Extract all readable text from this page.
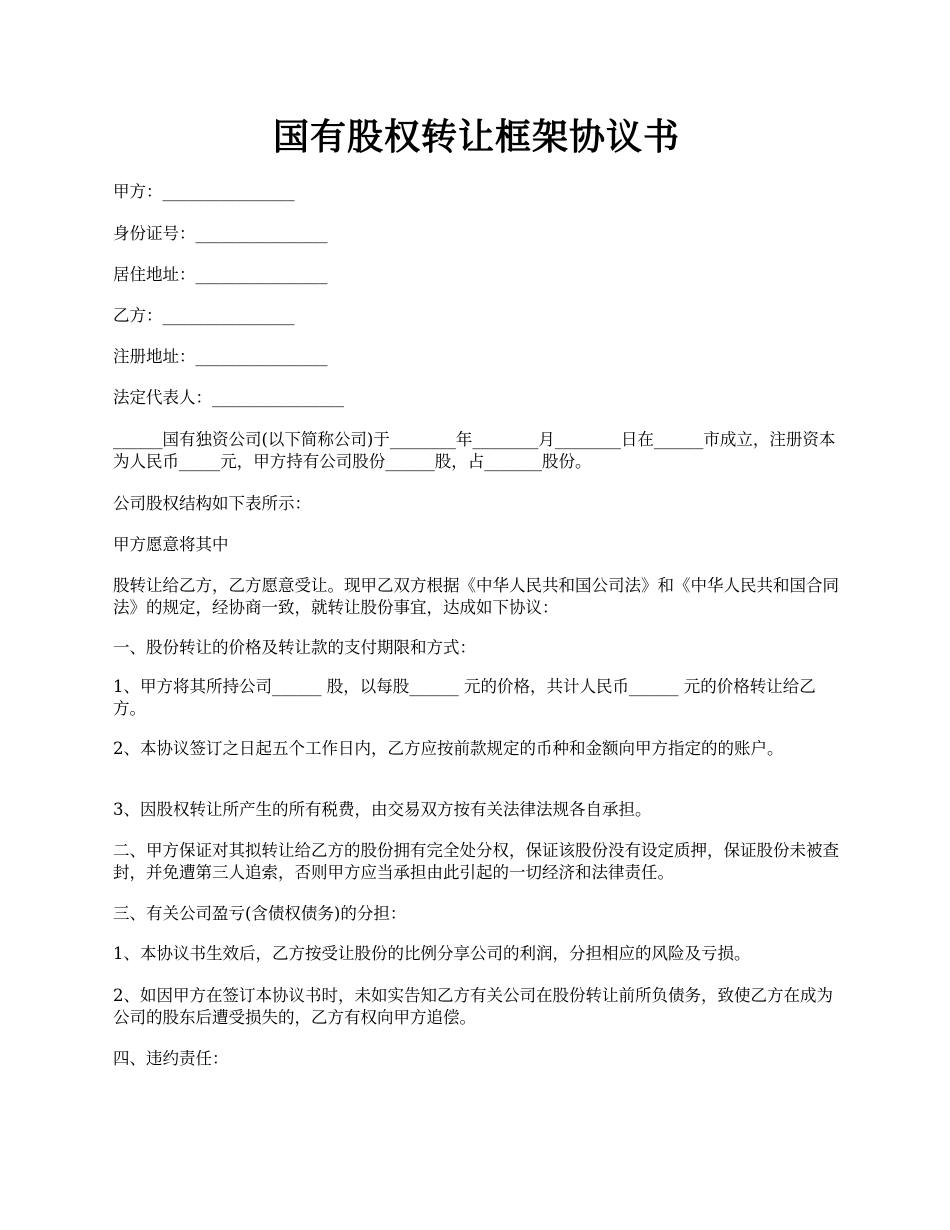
国有股权转让框架协议书

甲方：________________

身份证号：________________

居住地址：________________

乙方：________________

注册地址：________________

法定代表人：________________

______国有独资公司(以下简称公司)于________年________月________日在______市成立，注册资本为人民币_____元，甲方持有公司股份______股，占_______股份。

公司股权结构如下表所示：

甲方愿意将其中

股转让给乙方，乙方愿意受让。现甲乙双方根据《中华人民共和国公司法》和《中华人民共和国合同法》的规定，经协商一致，就转让股份事宜，达成如下协议：

一、股份转让的价格及转让款的支付期限和方式：

1、甲方将其所持公司______ 股，以每股______ 元的价格，共计人民币______ 元的价格转让给乙方。

2、本协议签订之日起五个工作日内，乙方应按前款规定的币种和金额向甲方指定的的账户。

3、因股权转让所产生的所有税费，由交易双方按有关法律法规各自承担。

二、甲方保证对其拟转让给乙方的股份拥有完全处分权，保证该股份没有设定质押，保证股份未被查封，并免遭第三人追索，否则甲方应当承担由此引起的一切经济和法律责任。

三、有关公司盈亏(含债权债务)的分担：

1、本协议书生效后，乙方按受让股份的比例分享公司的利润，分担相应的风险及亏损。

2、如因甲方在签订本协议书时，未如实告知乙方有关公司在股份转让前所负债务，致使乙方在成为公司的股东后遭受损失的，乙方有权向甲方追偿。

四、违约责任：
